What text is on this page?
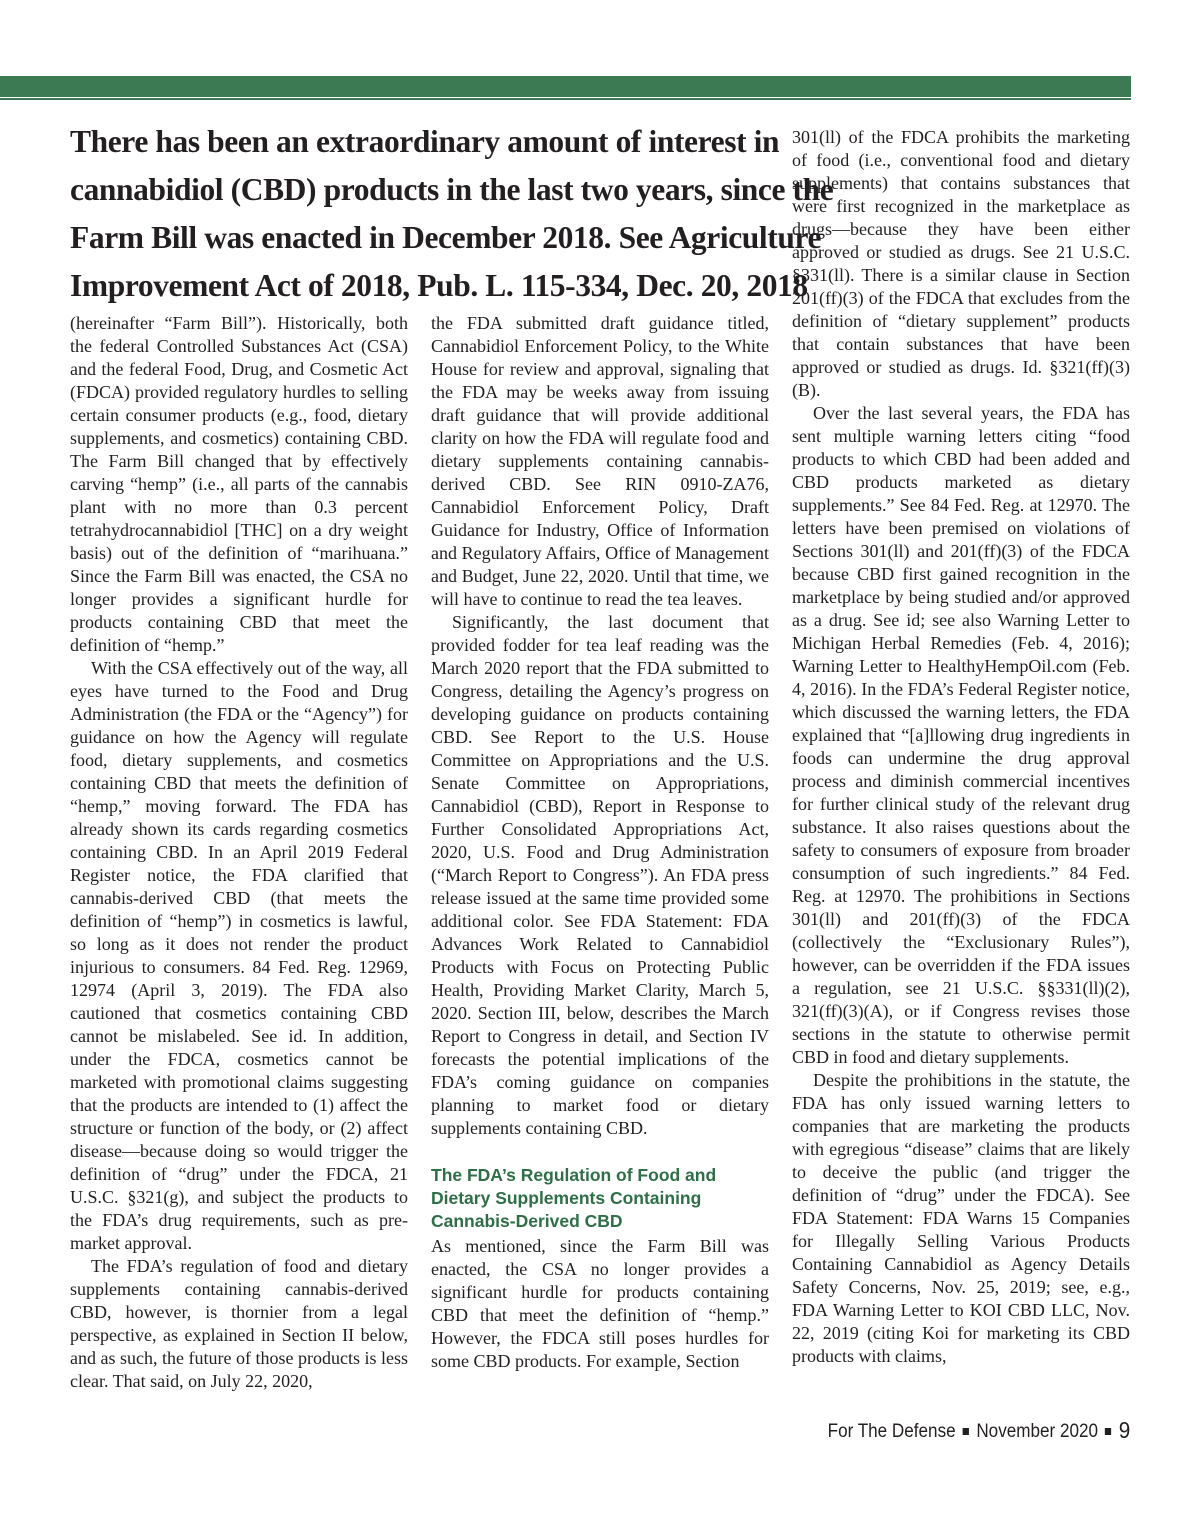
There has been an extraordinary amount of interest in
cannabidiol (CBD) products in the last two years, since the
Farm Bill was enacted in December 2018. See Agriculture
Improvement Act of 2018, Pub. L. 115-334, Dec. 20, 2018

(hereinafter “Farm Bill”). Historically, both the federal Controlled Substances Act (CSA) and the federal Food, Drug, and Cosmetic Act (FDCA) provided regulatory hurdles to selling certain consumer products (e.g., food, dietary supplements, and cosmetics) containing CBD. The Farm Bill changed that by effectively carving “hemp” (i.e., all parts of the cannabis plant with no more than 0.3 percent tetrahydrocannabidiol [THC] on a dry weight basis) out of the definition of “marihuana.” Since the Farm Bill was enacted, the CSA no longer provides a significant hurdle for products containing CBD that meet the definition of “hemp.”

With the CSA effectively out of the way, all eyes have turned to the Food and Drug Administration (the FDA or the “Agency”) for guidance on how the Agency will regulate food, dietary supplements, and cosmetics containing CBD that meets the definition of “hemp,” moving forward. The FDA has already shown its cards regarding cosmetics containing CBD. In an April 2019 Federal Register notice, the FDA clarified that cannabis-derived CBD (that meets the definition of “hemp”) in cosmetics is lawful, so long as it does not render the product injurious to consumers. 84 Fed. Reg. 12969, 12974 (April 3, 2019). The FDA also cautioned that cosmetics containing CBD cannot be mislabeled. See id. In addition, under the FDCA, cosmetics cannot be marketed with promotional claims suggesting that the products are intended to (1) affect the structure or function of the body, or (2) affect disease—because doing so would trigger the definition of “drug” under the FDCA, 21 U.S.C. §321(g), and subject the products to the FDA’s drug requirements, such as pre-market approval.

The FDA’s regulation of food and dietary supplements containing cannabis-derived CBD, however, is thornier from a legal perspective, as explained in Section II below, and as such, the future of those products is less clear. That said, on July 22, 2020,

the FDA submitted draft guidance titled, Cannabidiol Enforcement Policy, to the White House for review and approval, signaling that the FDA may be weeks away from issuing draft guidance that will provide additional clarity on how the FDA will regulate food and dietary supplements containing cannabis-derived CBD. See RIN 0910-ZA76, Cannabidiol Enforcement Policy, Draft Guidance for Industry, Office of Information and Regulatory Affairs, Office of Management and Budget, June 22, 2020. Until that time, we will have to continue to read the tea leaves.

Significantly, the last document that provided fodder for tea leaf reading was the March 2020 report that the FDA submitted to Congress, detailing the Agency’s progress on developing guidance on products containing CBD. See Report to the U.S. House Committee on Appropriations and the U.S. Senate Committee on Appropriations, Cannabidiol (CBD), Report in Response to Further Consolidated Appropriations Act, 2020, U.S. Food and Drug Administration (“March Report to Congress”). An FDA press release issued at the same time provided some additional color. See FDA Statement: FDA Advances Work Related to Cannabidiol Products with Focus on Protecting Public Health, Providing Market Clarity, March 5, 2020. Section III, below, describes the March Report to Congress in detail, and Section IV forecasts the potential implications of the FDA’s coming guidance on companies planning to market food or dietary supplements containing CBD.

The FDA’s Regulation of Food and Dietary Supplements Containing Cannabis-Derived CBD

As mentioned, since the Farm Bill was enacted, the CSA no longer provides a significant hurdle for products containing CBD that meet the definition of “hemp.” However, the FDCA still poses hurdles for some CBD products. For example, Section

301(ll) of the FDCA prohibits the marketing of food (i.e., conventional food and dietary supplements) that contains substances that were first recognized in the marketplace as drugs—because they have been either approved or studied as drugs. See 21 U.S.C. §331(ll). There is a similar clause in Section 201(ff)(3) of the FDCA that excludes from the definition of “dietary supplement” products that contain substances that have been approved or studied as drugs. Id. §321(ff)(3)(B).

Over the last several years, the FDA has sent multiple warning letters citing “food products to which CBD had been added and CBD products marketed as dietary supplements.” See 84 Fed. Reg. at 12970. The letters have been premised on violations of Sections 301(ll) and 201(ff)(3) of the FDCA because CBD first gained recognition in the marketplace by being studied and/or approved as a drug. See id; see also Warning Letter to Michigan Herbal Remedies (Feb. 4, 2016); Warning Letter to HealthyHempOil.com (Feb. 4, 2016). In the FDA’s Federal Register notice, which discussed the warning letters, the FDA explained that “[a]llowing drug ingredients in foods can undermine the drug approval process and diminish commercial incentives for further clinical study of the relevant drug substance. It also raises questions about the safety to consumers of exposure from broader consumption of such ingredients.” 84 Fed. Reg. at 12970. The prohibitions in Sections 301(ll) and 201(ff)(3) of the FDCA (collectively the “Exclusionary Rules”), however, can be overridden if the FDA issues a regulation, see 21 U.S.C. §§331(ll)(2), 321(ff)(3)(A), or if Congress revises those sections in the statute to otherwise permit CBD in food and dietary supplements.

Despite the prohibitions in the statute, the FDA has only issued warning letters to companies that are marketing the products with egregious “disease” claims that are likely to deceive the public (and trigger the definition of “drug” under the FDCA). See FDA Statement: FDA Warns 15 Companies for Illegally Selling Various Products Containing Cannabidiol as Agency Details Safety Concerns, Nov. 25, 2019; see, e.g., FDA Warning Letter to KOI CBD LLC, Nov. 22, 2019 (citing Koi for marketing its CBD products with claims,

For The Defense November 2020 9
